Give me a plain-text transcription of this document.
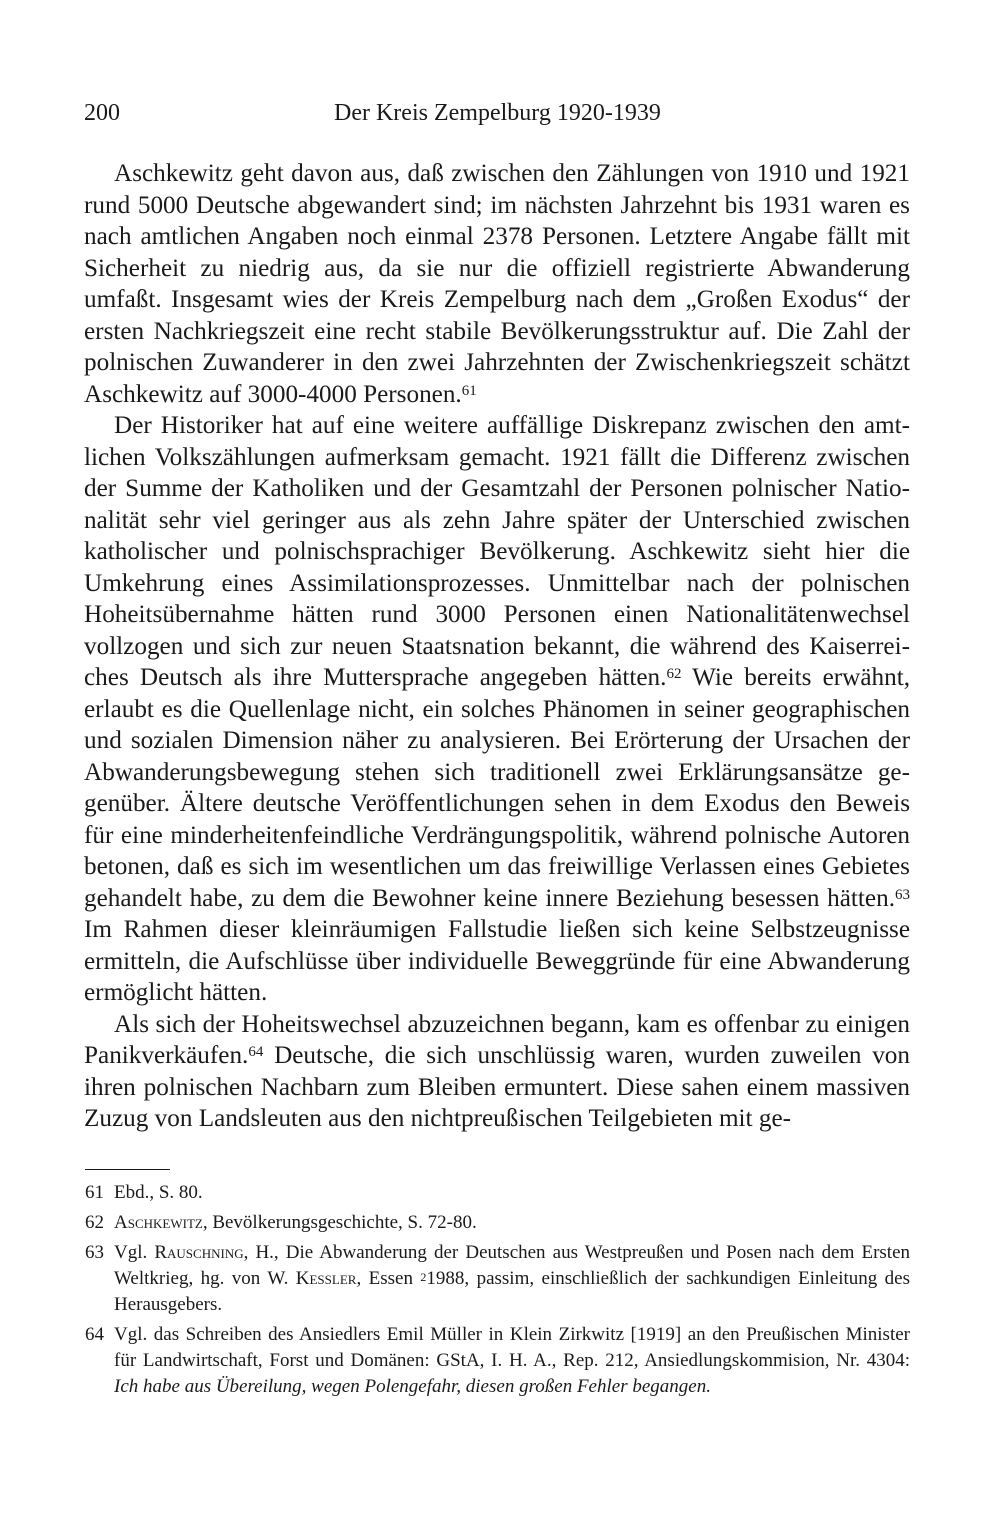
200	Der Kreis Zempelburg 1920-1939

Aschkewitz geht davon aus, daß zwischen den Zählungen von 1910 und 1921 rund 5000 Deutsche abgewandert sind; im nächsten Jahrzehnt bis 1931 waren es nach amtlichen Angaben noch einmal 2378 Personen. Letztere Angabe fällt mit Sicherheit zu niedrig aus, da sie nur die offiziell registrierte Abwanderung umfaßt. Insgesamt wies der Kreis Zempelburg nach dem „Großen Exodus“ der ersten Nachkriegszeit eine recht stabile Bevölkerungsstruktur auf. Die Zahl der polnischen Zuwanderer in den zwei Jahrzehnten der Zwischenkriegszeit schätzt Aschkewitz auf 3000-4000 Personen.$^{61}$

Der Historiker hat auf eine weitere auffällige Diskrepanz zwischen den amtlichen Volkszählungen aufmerksam gemacht. 1921 fällt die Differenz zwischen der Summe der Katholiken und der Gesamtzahl der Personen polnischer Nationalität sehr viel geringer aus als zehn Jahre später der Unterschied zwischen katholischer und polnischsprachiger Bevölkerung. Aschkewitz sieht hier die Umkehrung eines Assimilationsprozesses. Unmittelbar nach der polnischen Hoheitsübernahme hätten rund 3000 Personen einen Nationalitätenwechsel vollzogen und sich zur neuen Staatsnation bekannt, die während des Kaiserreiches Deutsch als ihre Muttersprache angegeben hätten.$^{62}$ Wie bereits erwähnt, erlaubt es die Quellenlage nicht, ein solches Phänomen in seiner geographischen und sozialen Dimension näher zu analysieren. Bei Erörterung der Ursachen der Abwanderungsbewegung stehen sich traditionell zwei Erklärungsansätze gegenüber. Ältere deutsche Veröffentlichungen sehen in dem Exodus den Beweis für eine minderheitenfeindliche Verdrängungspolitik, während polnische Autoren betonen, daß es sich im wesentlichen um das freiwillige Verlassen eines Gebietes gehandelt habe, zu dem die Bewohner keine innere Beziehung besessen hätten.$^{63}$ Im Rahmen dieser kleinräumigen Fallstudie ließen sich keine Selbstzeugnisse ermitteln, die Aufschlüsse über individuelle Beweggründe für eine Abwanderung ermöglicht hätten.

Als sich der Hoheitswechsel abzuzeichnen begann, kam es offenbar zu einigen Panikverkäufen.$^{64}$ Deutsche, die sich unschlüssig waren, wurden zuweilen von ihren polnischen Nachbarn zum Bleiben ermuntert. Diese sahen einem massiven Zuzug von Landsleuten aus den nichtpreußischen Teilgebieten mit ge-

61 Ebd., S. 80.
62 Aschkewitz, Bevölkerungsgeschichte, S. 72-80.
63 Vgl. Rauschning, H., Die Abwanderung der Deutschen aus Westpreußen und Posen nach dem Ersten Weltkrieg, hg. von W. Kessler, Essen $^2$1988, passim, einschließlich der sachkundigen Einleitung des Herausgebers.
64 Vgl. das Schreiben des Ansiedlers Emil Müller in Klein Zirkwitz [1919] an den Preußischen Minister für Landwirtschaft, Forst und Domänen: GStA, I. H. A., Rep. 212, Ansiedlungskommision, Nr. 4304: Ich habe aus Übereilung, wegen Polengefahr, diesen großen Fehler begangen.
